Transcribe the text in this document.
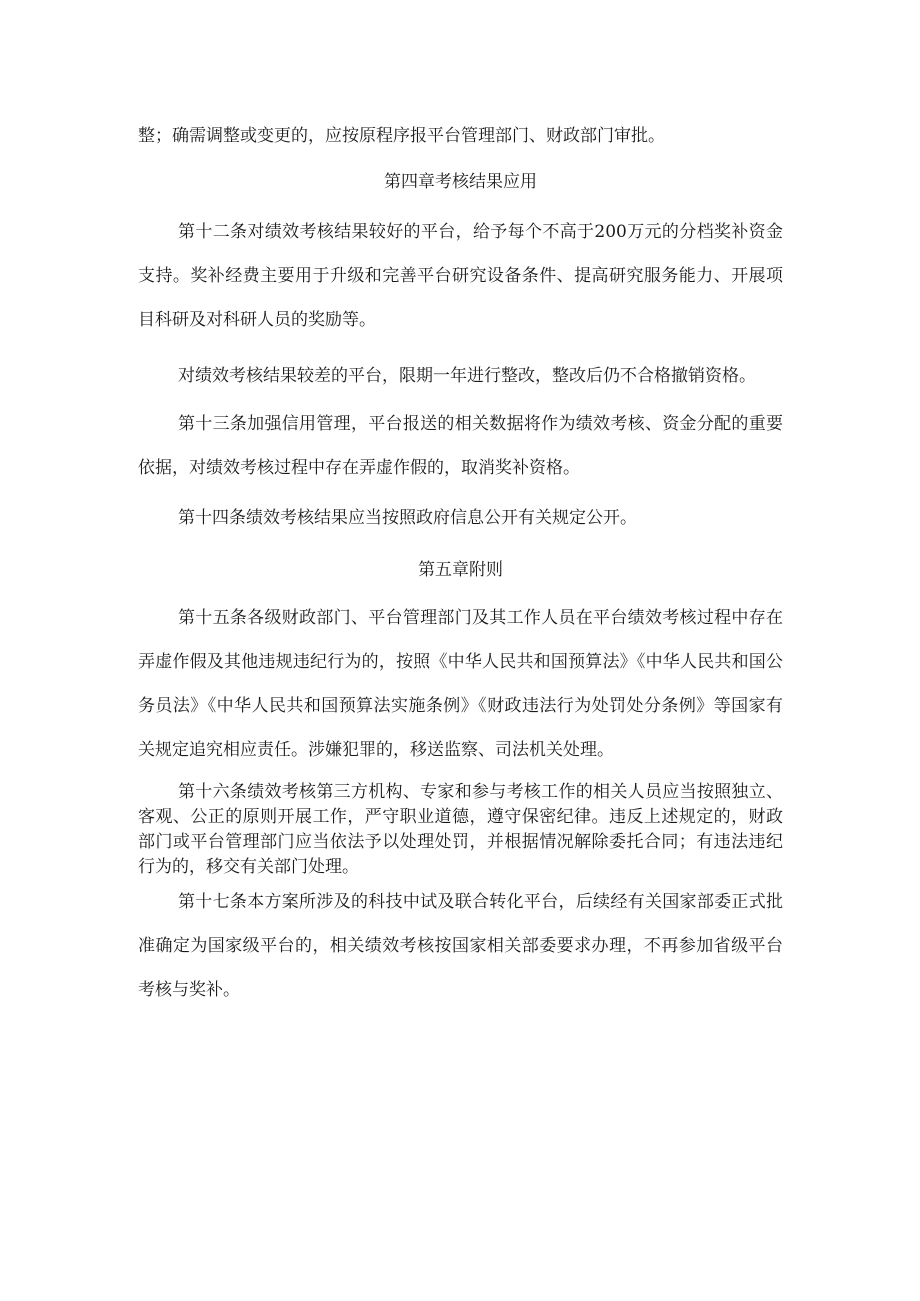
整；确需调整或变更的，应按原程序报平台管理部门、财政部门审批。

第四章考核结果应用

第十二条对绩效考核结果较好的平台，给予每个不高于200万元的分档奖补资金支持。奖补经费主要用于升级和完善平台研究设备条件、提高研究服务能力、开展项目科研及对科研人员的奖励等。

对绩效考核结果较差的平台，限期一年进行整改，整改后仍不合格撤销资格。

第十三条加强信用管理，平台报送的相关数据将作为绩效考核、资金分配的重要依据，对绩效考核过程中存在弄虚作假的，取消奖补资格。

第十四条绩效考核结果应当按照政府信息公开有关规定公开。

第五章附则

第十五条各级财政部门、平台管理部门及其工作人员在平台绩效考核过程中存在弄虚作假及其他违规违纪行为的，按照《中华人民共和国预算法》《中华人民共和国公务员法》《中华人民共和国预算法实施条例》《财政违法行为处罚处分条例》等国家有关规定追究相应责任。涉嫌犯罪的，移送监察、司法机关处理。

第十六条绩效考核第三方机构、专家和参与考核工作的相关人员应当按照独立、客观、公正的原则开展工作，严守职业道德，遵守保密纪律。违反上述规定的，财政部门或平台管理部门应当依法予以处理处罚，并根据情况解除委托合同；有违法违纪行为的，移交有关部门处理。

第十七条本方案所涉及的科技中试及联合转化平台，后续经有关国家部委正式批准确定为国家级平台的，相关绩效考核按国家相关部委要求办理，不再参加省级平台考核与奖补。
